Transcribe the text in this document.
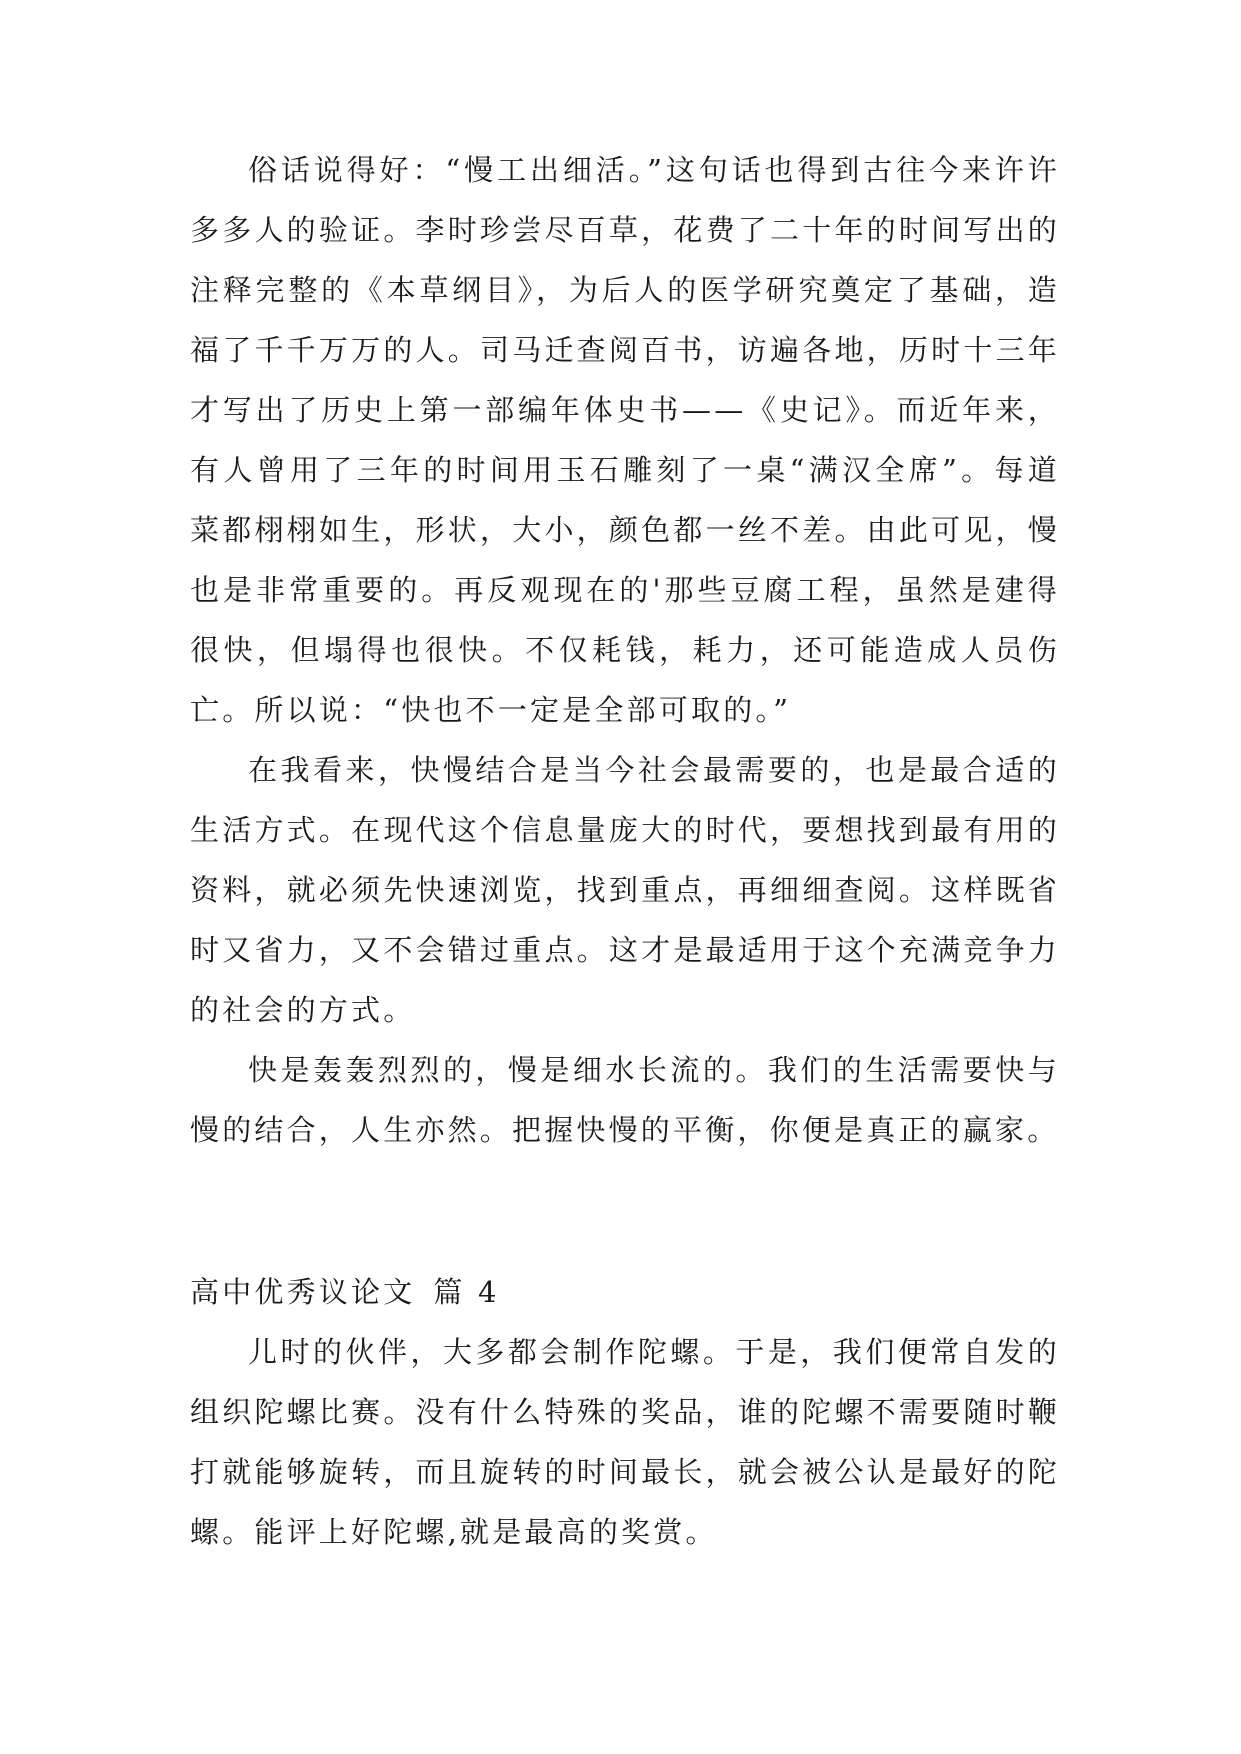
俗话说得好：“慢工出细活。”这句话也得到古往今来许许多多人的验证。李时珍尝尽百草，花费了二十年的时间写出的注释完整的《本草纲目》，为后人的医学研究奠定了基础，造福了千千万万的人。司马迁查阅百书，访遍各地，历时十三年才写出了历史上第一部编年体史书——《史记》。而近年来，有人曾用了三年的时间用玉石雕刻了一桌“满汉全席”。每道菜都栩栩如生，形状，大小，颜色都一丝不差。由此可见，慢也是非常重要的。再反观现在的'那些豆腐工程，虽然是建得很快，但塌得也很快。不仅耗钱，耗力，还可能造成人员伤亡。所以说：“快也不一定是全部可取的。”

在我看来，快慢结合是当今社会最需要的，也是最合适的生活方式。在现代这个信息量庞大的时代，要想找到最有用的资料，就必须先快速浏览，找到重点，再细细查阅。这样既省时又省力，又不会错过重点。这才是最适用于这个充满竞争力的社会的方式。

快是轰轰烈烈的，慢是细水长流的。我们的生活需要快与慢的结合，人生亦然。把握快慢的平衡，你便是真正的赢家。

高中优秀议论文 篇 4

儿时的伙伴，大多都会制作陀螺。于是，我们便常自发的组织陀螺比赛。没有什么特殊的奖品，谁的陀螺不需要随时鞭打就能够旋转，而且旋转的时间最长，就会被公认是最好的陀螺。能评上好陀螺,就是最高的奖赏。
